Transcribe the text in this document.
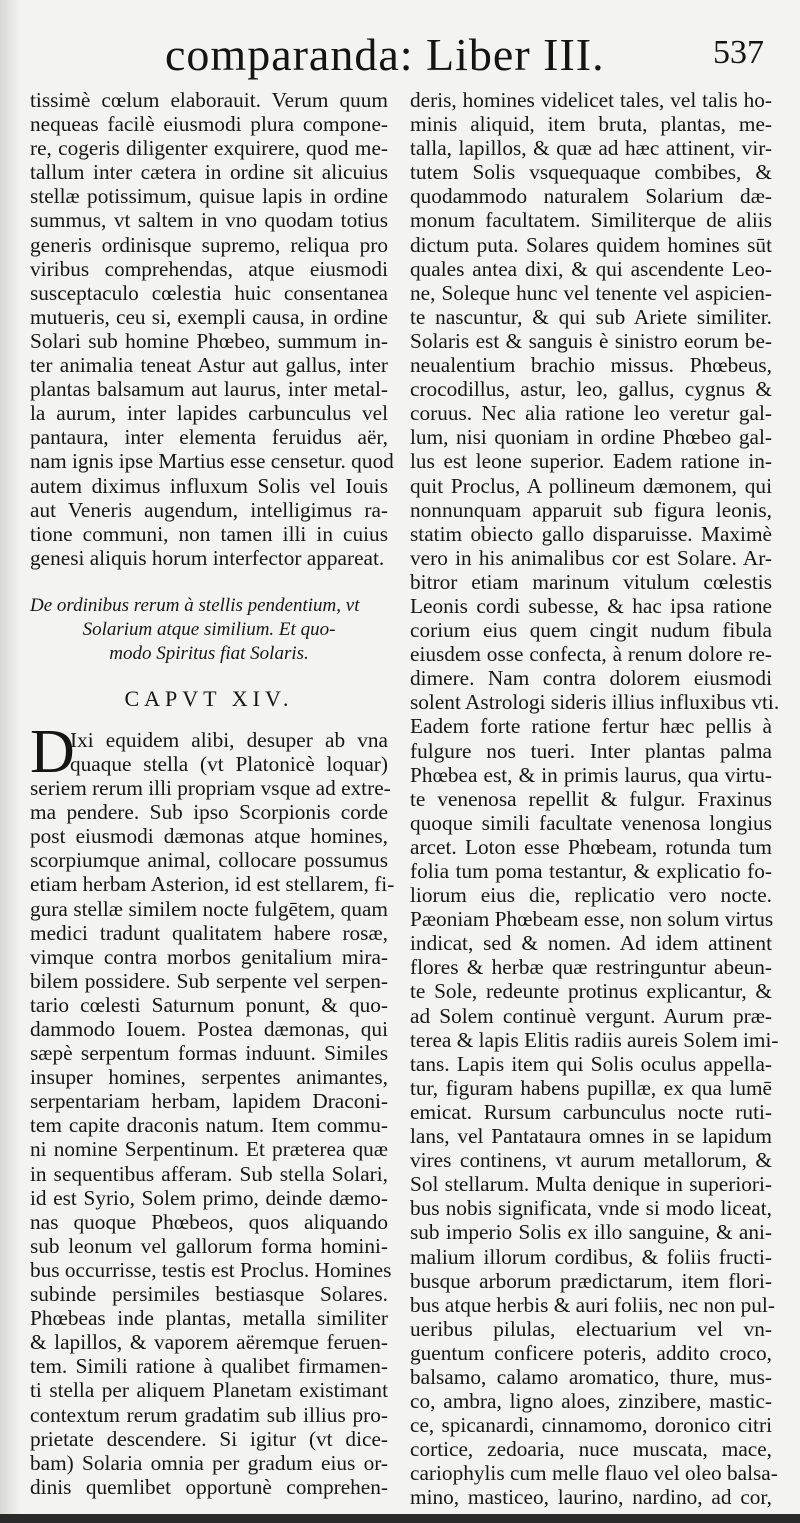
comparanda: Liber III.	537
tissimè cœlum elaborauit. Verum quum
nequeas facilè eiusmodi plura compone-
re, cogeris diligenter exquirere, quod me-
tallum inter cætera in ordine sit alicuius
stellæ potissimum, quisue lapis in ordine
summus, vt saltem in vno quodam totius
generis ordinisque supremo, reliqua pro
viribus comprehendas, atque eiusmodi
susceptaculo cœlestia huic consentanea
mutueris, ceu si, exempli causa, in ordine
Solari sub homine Phœbeo, summum in-
ter animalia teneat Astur aut gallus, inter
plantas balsamum aut laurus, inter metal-
la aurum, inter lapides carbunculus vel
pantaura, inter elementa feruidus aër,
nam ignis ipse Martius esse censetur. quod
autem diximus influxum Solis vel Iouis
aut Veneris augendum, intelligimus ra-
tione communi, non tamen illi in cuius
genesi aliquis horum interfector appareat.
De ordinibus rerum à stellis pendentium, vt
Solarium atque similium. Et quo-
modo Spiritus fiat Solaris.
CAPVT XIV.
D
Ixi equidem alibi, desuper ab vna
quaque stella (vt Platonicè loquar)
seriem rerum illi propriam vsque ad extre-
ma pendere. Sub ipso Scorpionis corde
post eiusmodi dæmonas atque homines,
scorpiumque animal, collocare possumus
etiam herbam Asterion, id est stellarem, fi-
gura stellæ similem nocte fulgētem, quam
medici tradunt qualitatem habere rosæ,
vimque contra morbos genitalium mira-
bilem possidere. Sub serpente vel serpen-
tario cœlesti Saturnum ponunt, & quo-
dammodo Iouem. Postea dæmonas, qui
sæpè serpentum formas induunt. Similes
insuper homines, serpentes animantes,
serpentariam herbam, lapidem Draconi-
tem capite draconis natum. Item commu-
ni nomine Serpentinum. Et præterea quæ
in sequentibus afferam. Sub stella Solari,
id est Syrio, Solem primo, deinde dæmo-
nas quoque Phœbeos, quos aliquando
sub leonum vel gallorum forma homini-
bus occurrisse, testis est Proclus. Homines
subinde persimiles bestiasque Solares.
Phœbeas inde plantas, metalla similiter
& lapillos, & vaporem aëremque feruen-
tem. Simili ratione à qualibet firmamen-
ti stella per aliquem Planetam existimant
contextum rerum gradatim sub illius pro-
prietate descendere. Si igitur (vt dice-
bam) Solaria omnia per gradum eius or-
dinis quemlibet opportunè comprehen-
deris, homines videlicet tales, vel talis ho-
minis aliquid, item bruta, plantas, me-
talla, lapillos, & quæ ad hæc attinent, vir-
tutem Solis vsquequaque combibes, &
quodammodo naturalem Solarium dæ-
monum facultatem. Similiterque de aliis
dictum puta. Solares quidem homines sūt
quales antea dixi, & qui ascendente Leo-
ne, Soleque hunc vel tenente vel aspicien-
te nascuntur, & qui sub Ariete similiter.
Solaris est & sanguis è sinistro eorum be-
neualentium brachio missus. Phœbeus,
crocodillus, astur, leo, gallus, cygnus &
coruus. Nec alia ratione leo veretur gal-
lum, nisi quoniam in ordine Phœbeo gal-
lus est leone superior. Eadem ratione in-
quit Proclus, A pollineum dæmonem, qui
nonnunquam apparuit sub figura leonis,
statim obiecto gallo disparuisse. Maximè
vero in his animalibus cor est Solare. Ar-
bitror etiam marinum vitulum cœlestis
Leonis cordi subesse, & hac ipsa ratione
corium eius quem cingit nudum fibula
eiusdem osse confecta, à renum dolore re-
dimere. Nam contra dolorem eiusmodi
solent Astrologi sideris illius influxibus vti.
Eadem forte ratione fertur hæc pellis à
fulgure nos tueri. Inter plantas palma
Phœbea est, & in primis laurus, qua virtu-
te venenosa repellit & fulgur. Fraxinus
quoque simili facultate venenosa longius
arcet. Loton esse Phœbeam, rotunda tum
folia tum poma testantur, & explicatio fo-
liorum eius die, replicatio vero nocte.
Pæoniam Phœbeam esse, non solum virtus
indicat, sed & nomen. Ad idem attinent
flores & herbæ quæ restringuntur abeun-
te Sole, redeunte protinus explicantur, &
ad Solem continuè vergunt. Aurum præ-
terea & lapis Elitis radiis aureis Solem imi-
tans. Lapis item qui Solis oculus appella-
tur, figuram habens pupillæ, ex qua lumē
emicat. Rursum carbunculus nocte ruti-
lans, vel Pantataura omnes in se lapidum
vires continens, vt aurum metallorum, &
Sol stellarum. Multa denique in superiori-
bus nobis significata, vnde si modo liceat,
sub imperio Solis ex illo sanguine, & ani-
malium illorum cordibus, & foliis fructi-
busque arborum prædictarum, item flori-
bus atque herbis & auri foliis, nec non pul-
ueribus pilulas, electuarium vel vn-
guentum conficere poteris, addito croco,
balsamo, calamo aromatico, thure, mus-
co, ambra, ligno aloes, zinzibere, mastic-
ce, spicanardi, cinnamomo, doronico citri
cortice, zedoaria, nuce muscata, mace,
cariophylis cum melle flauo vel oleo balsa-
mino, masticeo, laurino, nardino, ad cor,
